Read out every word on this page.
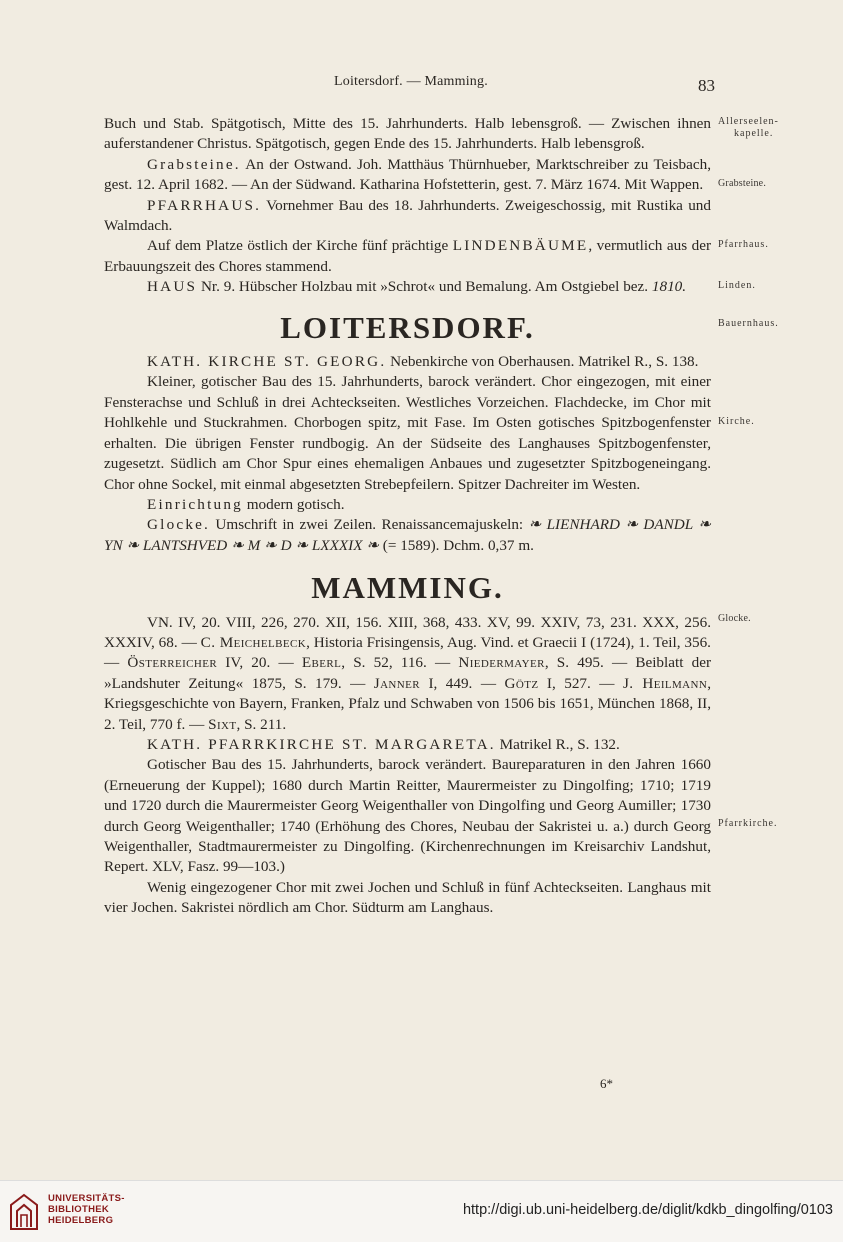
Loitersdorf. — Mamming.	83

Buch und Stab. Spätgotisch, Mitte des 15. Jahrhunderts. Halb lebensgroß. — Zwischen ihnen auferstandener Christus. Spätgotisch, gegen Ende des 15. Jahrhunderts. Halb lebensgroß.

Grabsteine. An der Ostwand. Joh. Matthäus Thürnhueber, Marktschreiber zu Teisbach, gest. 12. April 1682. — An der Südwand. Katharina Hofstetterin, gest. 7. März 1674. Mit Wappen.

PFARRHAUS. Vornehmer Bau des 18. Jahrhunderts. Zweigeschossig, mit Rustika und Walmdach.

Auf dem Platze östlich der Kirche fünf prächtige LINDENBÄUME, vermutlich aus der Erbauungszeit des Chores stammend.

HAUS Nr. 9. Hübscher Holzbau mit »Schrot« und Bemalung. Am Ostgiebel bez. 1810.

LOITERSDORF.

KATH. KIRCHE ST. GEORG. Nebenkirche von Oberhausen. Matrikel R., S. 138.

Kleiner, gotischer Bau des 15. Jahrhunderts, barock verändert. Chor eingezogen, mit einer Fensterachse und Schluß in drei Achteckseiten. Westliches Vorzeichen. Flachdecke, im Chor mit Hohlkehle und Stuckrahmen. Chorbogen spitz, mit Fase. Im Osten gotisches Spitzbogenfenster erhalten. Die übrigen Fenster rundbogig. An der Südseite des Langhauses Spitzbogenfenster, zugesetzt. Südlich am Chor Spur eines ehemaligen Anbaues und zugesetzter Spitzbogeneingang. Chor ohne Sockel, mit einmal abgesetzten Strebepfeilern. Spitzer Dachreiter im Westen.

Einrichtung modern gotisch.

Glocke. Umschrift in zwei Zeilen. Renaissancemajuskeln: ❧ LIENHARD ❧ DANDL ❧ YN ❧ LANTSHVED ❧ M ❧ D ❧ LXXXIX ❧ (= 1589). Dchm. 0,37 m.

MAMMING.

VN. IV, 20. VIII, 226, 270. XII, 156. XIII, 368, 433. XV, 99. XXIV, 73, 231. XXX, 256. XXXIV, 68. — C. Meichelbeck, Historia Frisingensis, Aug. Vind. et Graecii I (1724), 1. Teil, 356. — Österreicher IV, 20. — Eberl, S. 52, 116. — Niedermayer, S. 495. — Beiblatt der »Landshuter Zeitung« 1875, S. 179. — Janner I, 449. — Götz I, 527. — J. Heilmann, Kriegsgeschichte von Bayern, Franken, Pfalz und Schwaben von 1506 bis 1651, München 1868, II, 2. Teil, 770 f. — Sixt, S. 211.

KATH. PFARRKIRCHE ST. MARGARETA. Matrikel R., S. 132.

Gotischer Bau des 15. Jahrhunderts, barock verändert. Baureparaturen in den Jahren 1660 (Erneuerung der Kuppel); 1680 durch Martin Reitter, Maurermeister zu Dingolfing; 1710; 1719 und 1720 durch die Maurermeister Georg Weigenthaller von Dingolfing und Georg Aumiller; 1730 durch Georg Weigenthaller; 1740 (Erhöhung des Chores, Neubau der Sakristei u. a.) durch Georg Weigenthaller, Stadtmaurermeister zu Dingolfing. (Kirchenrechnungen im Kreisarchiv Landshut, Repert. XLV, Fasz. 99—103.)

Wenig eingezogener Chor mit zwei Jochen und Schluß in fünf Achteckseiten. Langhaus mit vier Jochen. Sakristei nördlich am Chor. Südturm am Langhaus.

6*
Allerseelen-
kapelle.
Grabsteine.
Pfarrhaus.
Linden.
Bauernhaus.
Kirche.
Glocke.
Pfarrkirche.
UNIVERSITÄTS-
BIBLIOTHEK
HEIDELBERG
http://digi.ub.uni-heidelberg.de/diglit/kdkb_dingolfing/0103
